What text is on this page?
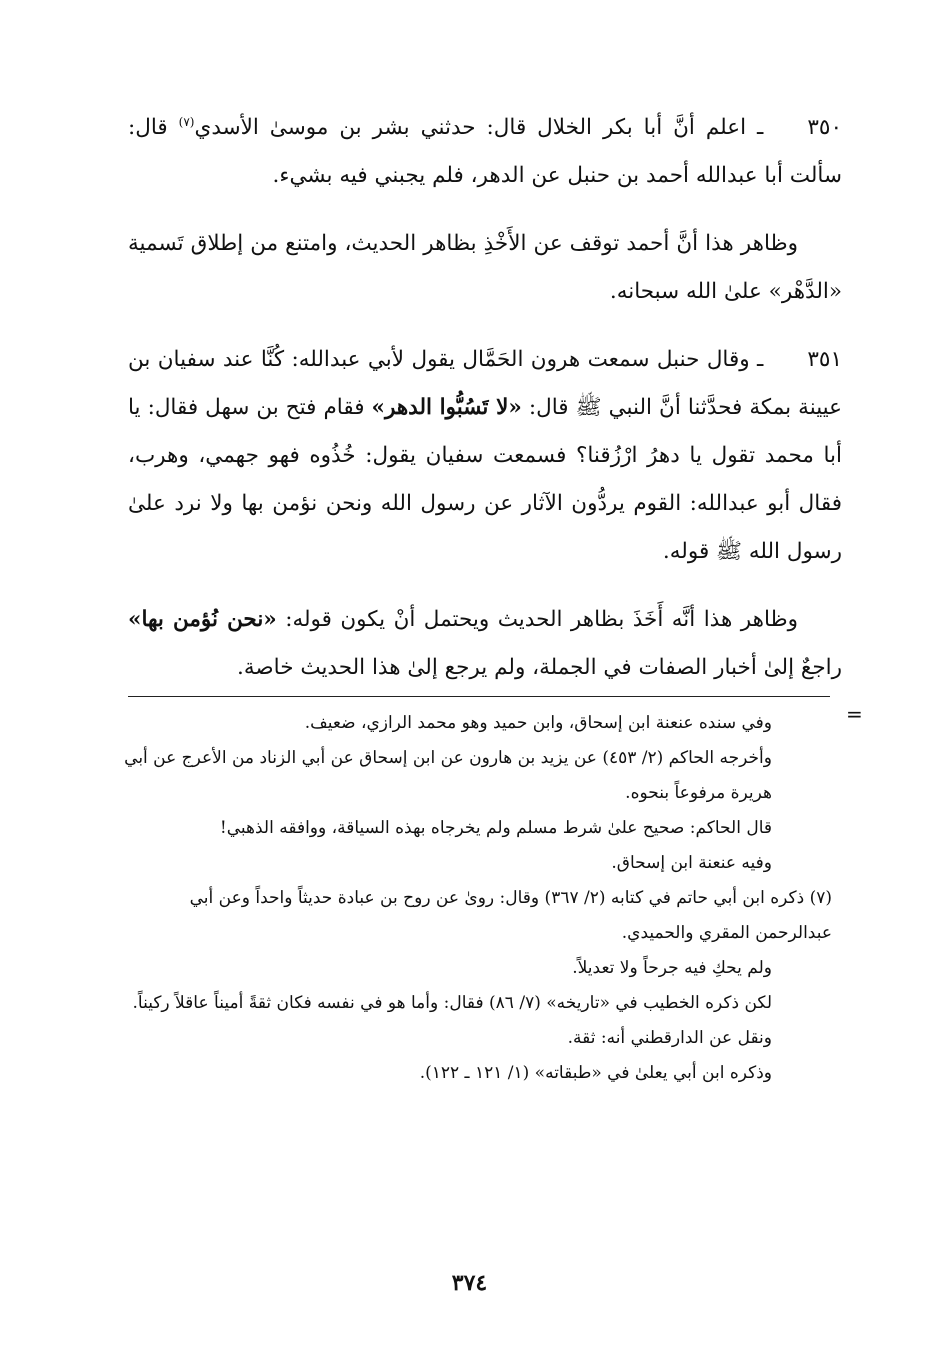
٣٥٠ـ اعلم أنَّ أبا بكر الخلال قال: حدثني بشر بن موسىٰ الأسدي$^{(٧)}$ قال: سألت أبا عبدالله أحمد بن حنبل عن الدهر، فلم يجبني فيه بشيء.

وظاهر هذا أنَّ أحمد توقف عن الأَخْذِ بظاهر الحديث، وامتنع من إطلاق تَسمية «الدَّهْر» علىٰ الله سبحانه.

٣٥١ـ وقال حنبل سمعت هرون الحَمَّال يقول لأبي عبدالله: كُنَّا عند سفيان بن عيينة بمكة فحدَّثنا أنَّ النبي ﷺ قال: «لا تَسُبُّوا الدهر» فقام فتح بن سهل فقال: يا أبا محمد تقول يا دهرُ ارْزُقنا؟ فسمعت سفيان يقول: خُذُوه فهو جهمي، وهرب، فقال أبو عبدالله: القوم يردُّون الآثار عن رسول الله ونحن نؤمن بها ولا نرد علىٰ رسول الله ﷺ قوله.

وظاهر هذا أنَّه أَخَذَ بظاهر الحديث ويحتمل أنْ يكون قوله: «نحن نُؤمن بها» راجعٌ إلىٰ أخبار الصفات في الجملة، ولم يرجع إلىٰ هذا الحديث خاصة.

=

وفي سنده عنعنة ابن إسحاق، وابن حميد وهو محمد الرازي، ضعيف.

وأخرجه الحاكم (٢/ ٤٥٣) عن يزيد بن هارون عن ابن إسحاق عن أبي الزناد من الأعرج عن أبي هريرة مرفوعاً بنحوه.

قال الحاكم: صحيح علىٰ شرط مسلم ولم يخرجاه بهذه السياقة، ووافقه الذهبي!

وفيه عنعنة ابن إسحاق.

(٧) ذكره ابن أبي حاتم في كتابه (٢/ ٣٦٧) وقال: روىٰ عن روح بن عبادة حديثاً واحداً وعن أبي عبدالرحمن المقري والحميدي.

ولم يحكِ فيه جرحاً ولا تعديلاً.

لكن ذكره الخطيب في «تاريخه» (٧/ ٨٦) فقال: وأما هو في نفسه فكان ثقةً أميناً عاقلاً ركيناً.

ونقل عن الدارقطني أنه: ثقة.

وذكره ابن أبي يعلىٰ في «طبقاته» (١/ ١٢١ ـ ١٢٢).

٣٧٤
